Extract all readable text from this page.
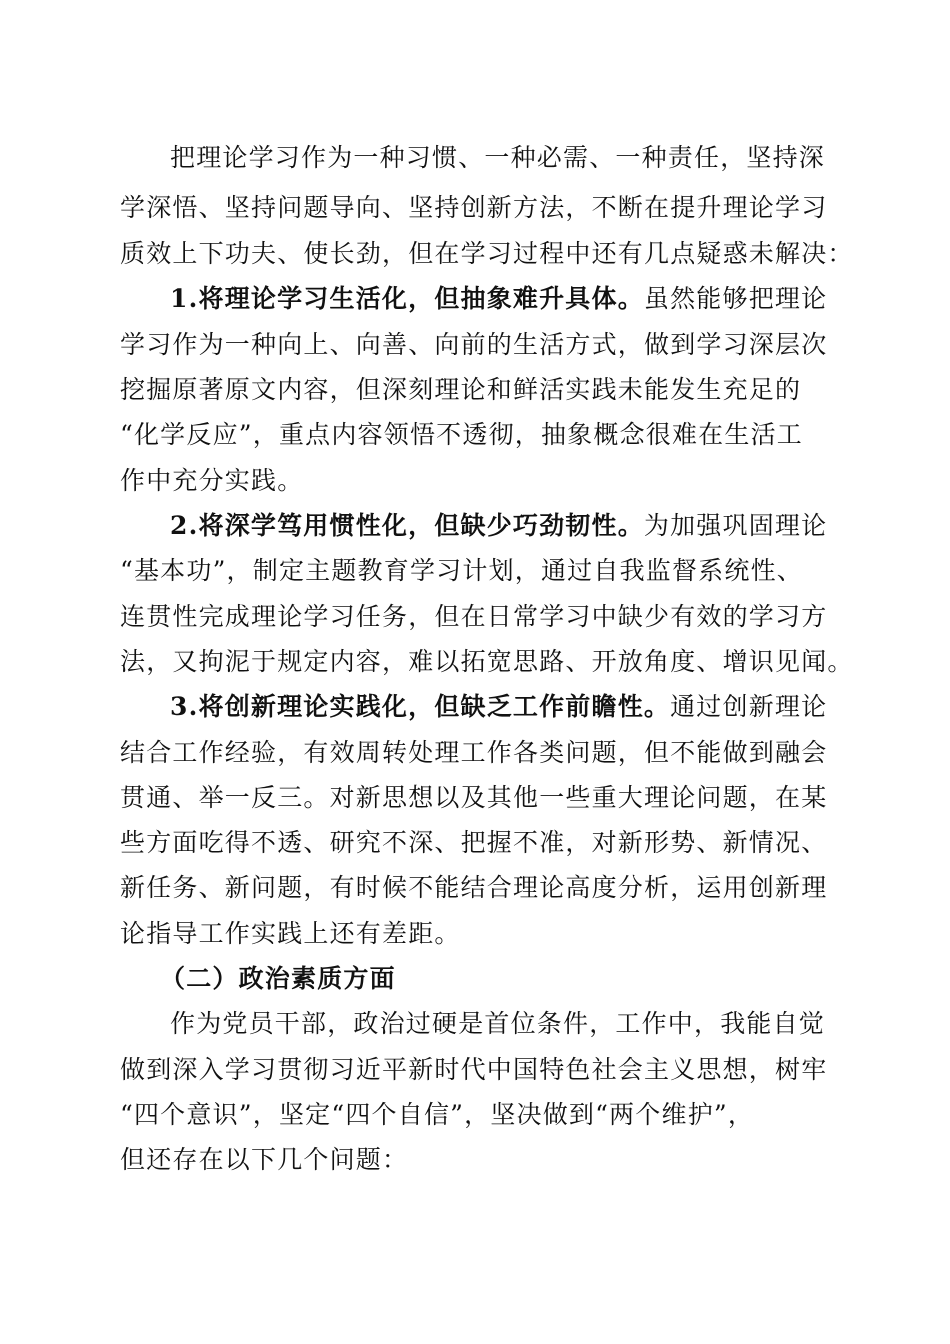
把理论学习作为一种习惯、一种必需、一种责任，坚持深
学深悟、坚持问题导向、坚持创新方法，不断在提升理论学习
质效上下功夫、使长劲，但在学习过程中还有几点疑惑未解决：
1.将理论学习生活化，但抽象难升具体。虽然能够把理论
学习作为一种向上、向善、向前的生活方式，做到学习深层次
挖掘原著原文内容，但深刻理论和鲜活实践未能发生充足的
“化学反应”，重点内容领悟不透彻，抽象概念很难在生活工
作中充分实践。
2.将深学笃用惯性化，但缺少巧劲韧性。为加强巩固理论
“基本功”，制定主题教育学习计划，通过自我监督系统性、
连贯性完成理论学习任务，但在日常学习中缺少有效的学习方
法，又拘泥于规定内容，难以拓宽思路、开放角度、增识见闻。
3.将创新理论实践化，但缺乏工作前瞻性。通过创新理论
结合工作经验，有效周转处理工作各类问题，但不能做到融会
贯通、举一反三。对新思想以及其他一些重大理论问题，在某
些方面吃得不透、研究不深、把握不准，对新形势、新情况、
新任务、新问题，有时候不能结合理论高度分析，运用创新理
论指导工作实践上还有差距。
（二）政治素质方面
作为党员干部，政治过硬是首位条件，工作中，我能自觉
做到深入学习贯彻习近平新时代中国特色社会主义思想，树牢
“四个意识”，坚定“四个自信”，坚决做到“两个维护”，
但还存在以下几个问题：
